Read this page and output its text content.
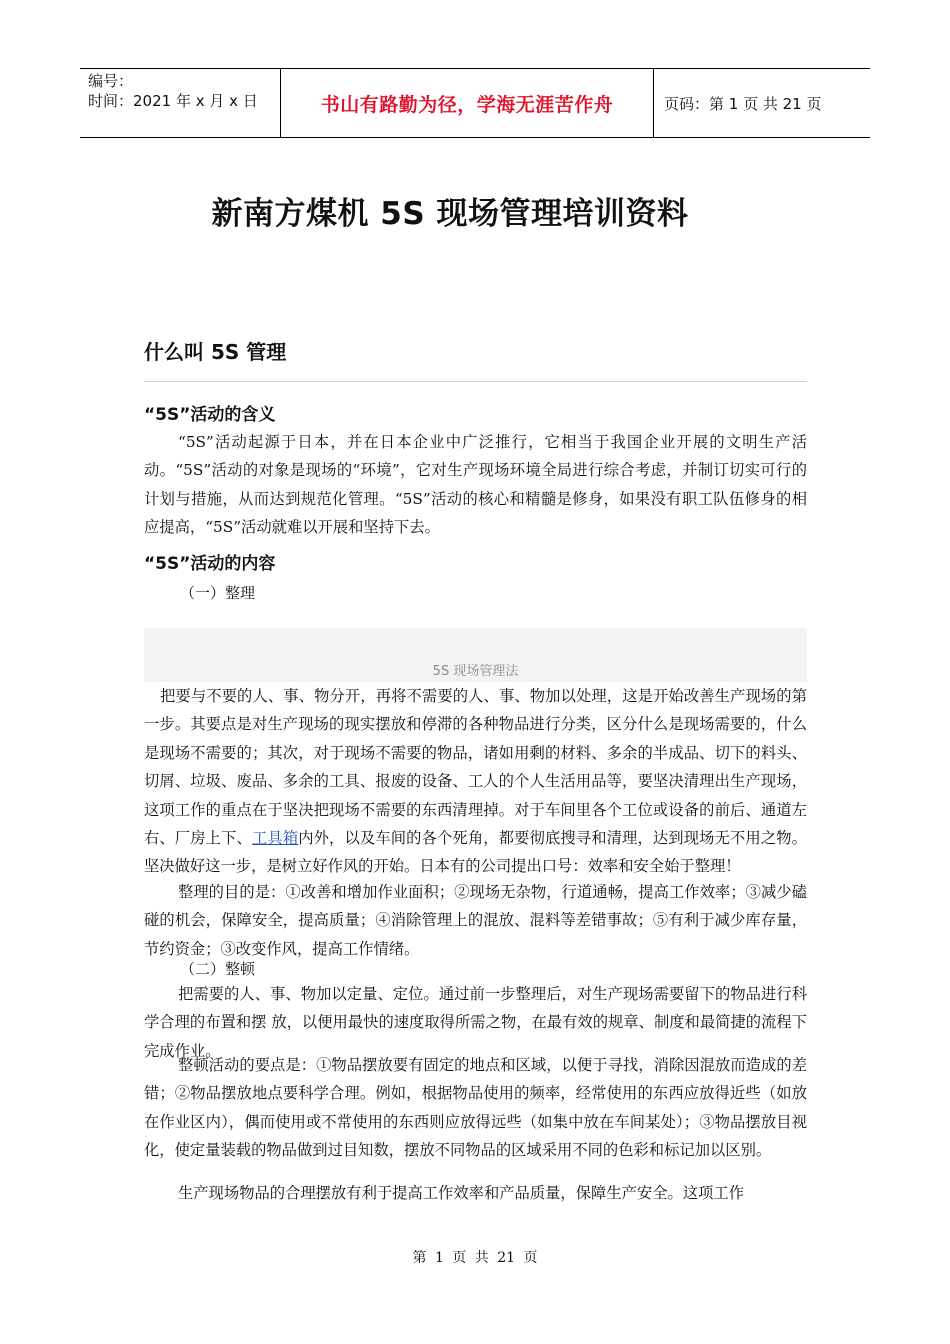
编号：
时间：2021 年 x 月 x 日	书山有路勤为径，学海无涯苦作舟	页码：第 1 页 共 21 页
新南方煤机 5S 现场管理培训资料
什么叫 5S 管理
“5S”活动的含义

“5S”活动起源于日本，并在日本企业中广泛推行，它相当于我国企业开展的文明生产活动。“5S”活动的对象是现场的“环境”，它对生产现场环境全局进行综合考虑，并制订切实可行的计划与措施，从而达到规范化管理。“5S”活动的核心和精髓是修身，如果没有职工队伍修身的相应提高，“5S”活动就难以开展和坚持下去。

“5S”活动的内容
（一）整理
5S 现场管理法

把要与不要的人、事、物分开，再将不需要的人、事、物加以处理，这是开始改善生产现场的第一步。其要点是对生产现场的现实摆放和停滞的各种物品进行分类，区分什么是现场需要的，什么是现场不需要的；其次，对于现场不需要的物品，诸如用剩的材料、多余的半成品、切下的料头、切屑、垃圾、废品、多余的工具、报废的设备、工人的个人生活用品等，要坚决清理出生产现场，这项工作的重点在于坚决把现场不需要的东西清理掉。对于车间里各个工位或设备的前后、通道左右、厂房上下、工具箱内外，以及车间的各个死角，都要彻底搜寻和清理，达到现场无不用之物。坚决做好这一步，是树立好作风的开始。日本有的公司提出口号：效率和安全始于整理！

整理的目的是：①改善和增加作业面积；②现场无杂物，行道通畅，提高工作效率；③减少磕碰的机会，保障安全，提高质量；④消除管理上的混放、混料等差错事故；⑤有利于减少库存量，节约资金；③改变作风，提高工作情绪。

（二）整顿

把需要的人、事、物加以定量、定位。通过前一步整理后，对生产现场需要留下的物品进行科学合理的布置和摆 放，以便用最快的速度取得所需之物，在最有效的规章、制度和最简捷的流程下完成作业。

整顿活动的要点是：①物品摆放要有固定的地点和区域，以便于寻找，消除因混放而造成的差错；②物品摆放地点要科学合理。例如，根据物品使用的频率，经常使用的东西应放得近些（如放在作业区内），偶而使用或不常使用的东西则应放得远些（如集中放在车间某处）；③物品摆放目视化，使定量装载的物品做到过目知数，摆放不同物品的区域采用不同的色彩和标记加以区别。

生产现场物品的合理摆放有利于提高工作效率和产品质量，保障生产安全。这项工作

第 1 页 共 21 页
